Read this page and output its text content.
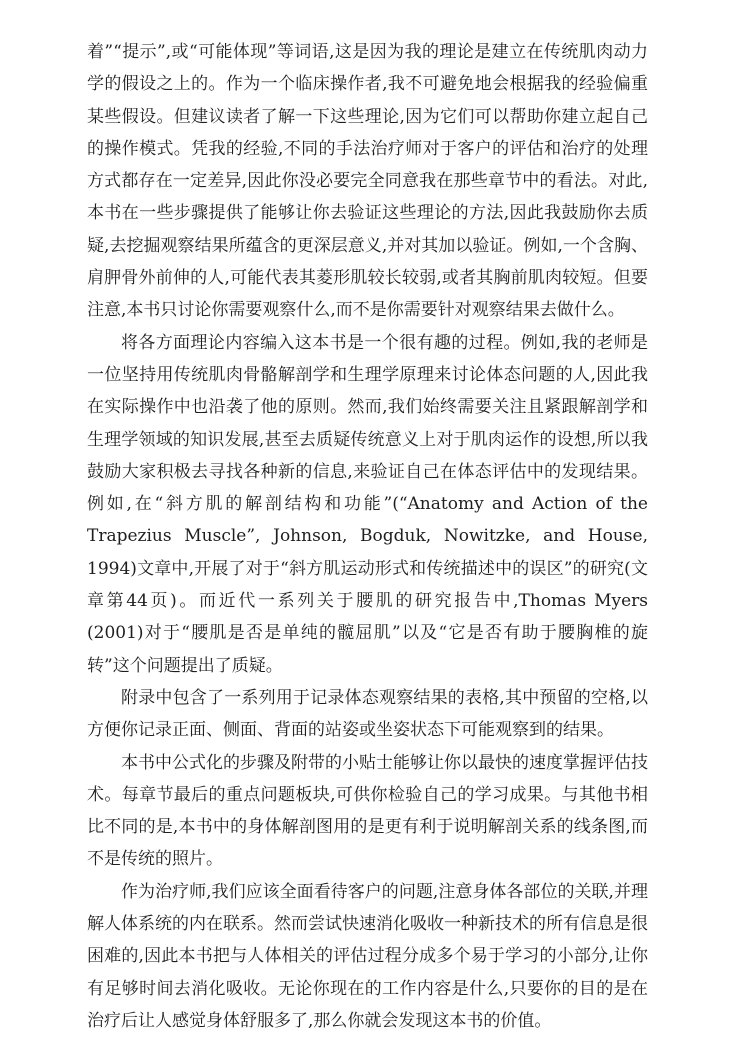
着”“提示”,或“可能体现”等词语,这是因为我的理论是建立在传统肌肉动力学的假设之上的。作为一个临床操作者,我不可避免地会根据我的经验偏重某些假设。但建议读者了解一下这些理论,因为它们可以帮助你建立起自己的操作模式。凭我的经验,不同的手法治疗师对于客户的评估和治疗的处理方式都存在一定差异,因此你没必要完全同意我在那些章节中的看法。对此,本书在一些步骤提供了能够让你去验证这些理论的方法,因此我鼓励你去质疑,去挖掘观察结果所蕴含的更深层意义,并对其加以验证。例如,一个含胸、肩胛骨外前伸的人,可能代表其菱形肌较长较弱,或者其胸前肌肉较短。但要注意,本书只讨论你需要观察什么,而不是你需要针对观察结果去做什么。

将各方面理论内容编入这本书是一个很有趣的过程。例如,我的老师是一位坚持用传统肌肉骨骼解剖学和生理学原理来讨论体态问题的人,因此我在实际操作中也沿袭了他的原则。然而,我们始终需要关注且紧跟解剖学和生理学领域的知识发展,甚至去质疑传统意义上对于肌肉运作的设想,所以我鼓励大家积极去寻找各种新的信息,来验证自己在体态评估中的发现结果。例如,在“斜方肌的解剖结构和功能”(“Anatomy and Action of the Trapezius Muscle”, Johnson, Bogduk, Nowitzke, and House, 1994)文章中,开展了对于“斜方肌运动形式和传统描述中的误区”的研究(文章第44页)。而近代一系列关于腰肌的研究报告中,Thomas Myers (2001)对于“腰肌是否是单纯的髋屈肌”以及“它是否有助于腰胸椎的旋转”这个问题提出了质疑。

附录中包含了一系列用于记录体态观察结果的表格,其中预留的空格,以方便你记录正面、侧面、背面的站姿或坐姿状态下可能观察到的结果。

本书中公式化的步骤及附带的小贴士能够让你以最快的速度掌握评估技术。每章节最后的重点问题板块,可供你检验自己的学习成果。与其他书相比不同的是,本书中的身体解剖图用的是更有利于说明解剖关系的线条图,而不是传统的照片。

作为治疗师,我们应该全面看待客户的问题,注意身体各部位的关联,并理解人体系统的内在联系。然而尝试快速消化吸收一种新技术的所有信息是很困难的,因此本书把与人体相关的评估过程分成多个易于学习的小部分,让你有足够时间去消化吸收。无论你现在的工作内容是什么,只要你的目的是在治疗后让人感觉身体舒服多了,那么你就会发现这本书的价值。
